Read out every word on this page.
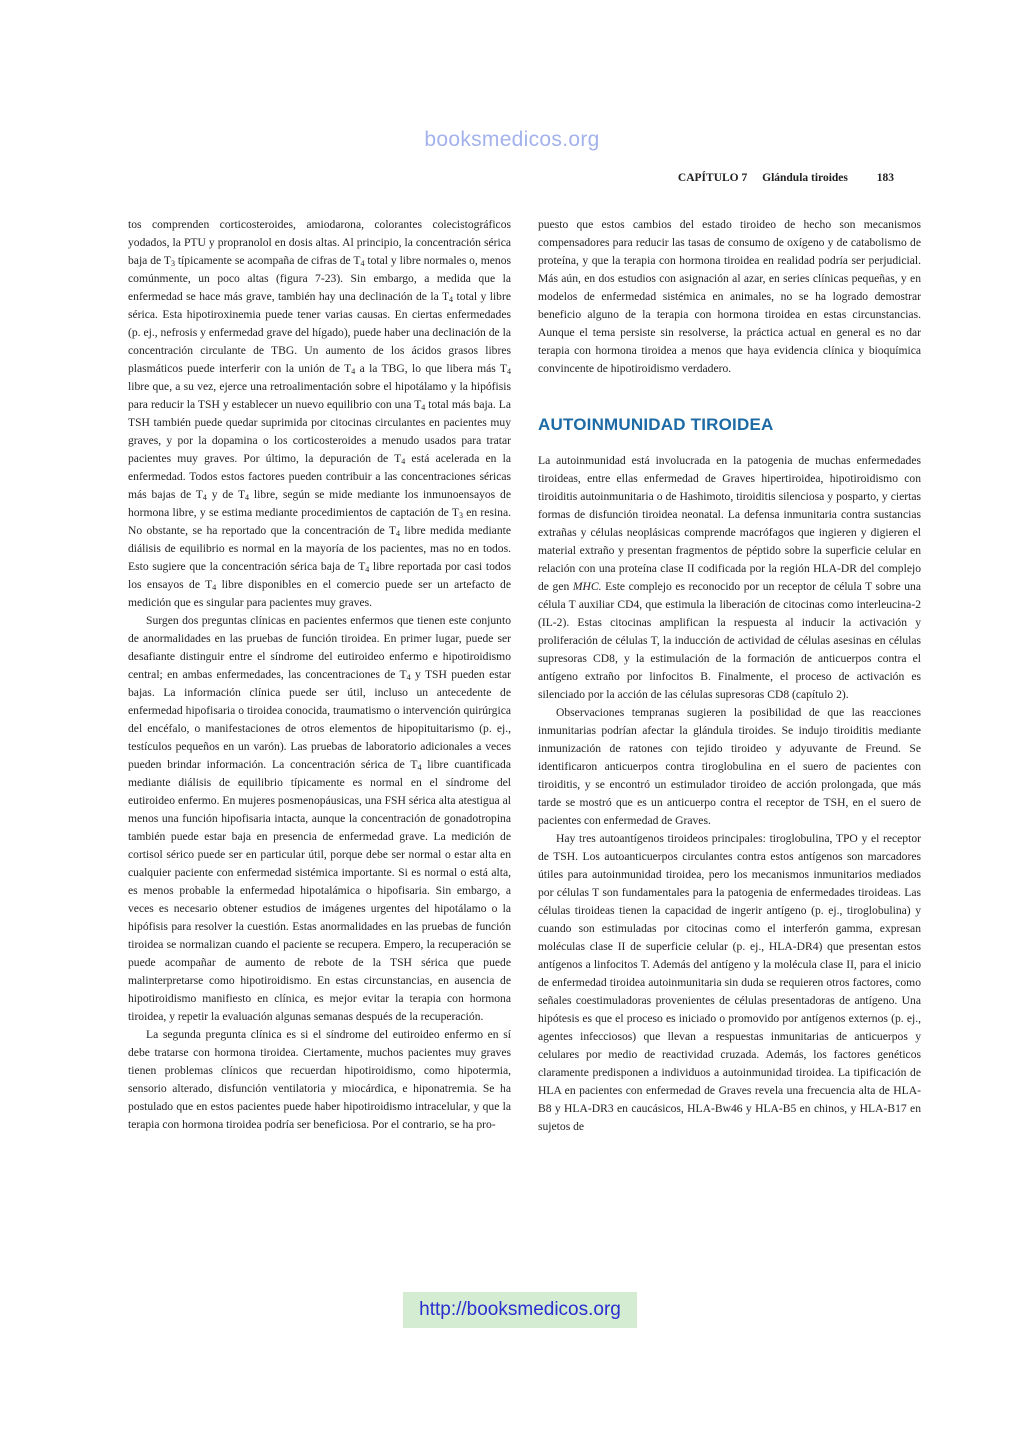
booksmedicos.org
CAPÍTULO 7 Glándula tiroides	183

tos comprenden corticosteroides, amiodarona, colorantes colecistográficos yodados, la PTU y propranolol en dosis altas. Al principio, la concentración sérica baja de $T_3$ típicamente se acompaña de cifras de $T_4$ total y libre normales o, menos comúnmente, un poco altas (figura 7-23). Sin embargo, a medida que la enfermedad se hace más grave, también hay una declinación de la $T_4$ total y libre sérica. Esta hipotiroxinemia puede tener varias causas. En ciertas enfermedades (p. ej., nefrosis y enfermedad grave del hígado), puede haber una declinación de la concentración circulante de TBG. Un aumento de los ácidos grasos libres plasmáticos puede interferir con la unión de $T_4$ a la TBG, lo que libera más $T_4$ libre que, a su vez, ejerce una retroalimentación sobre el hipotálamo y la hipófisis para reducir la TSH y establecer un nuevo equilibrio con una $T_4$ total más baja. La TSH también puede quedar suprimida por citocinas circulantes en pacientes muy graves, y por la dopamina o los corticosteroides a menudo usados para tratar pacientes muy graves. Por último, la depuración de $T_4$ está acelerada en la enfermedad. Todos estos factores pueden contribuir a las concentraciones séricas más bajas de $T_4$ y de $T_4$ libre, según se mide mediante los inmunoensayos de hormona libre, y se estima mediante procedimientos de captación de $T_3$ en resina. No obstante, se ha reportado que la concentración de $T_4$ libre medida mediante diálisis de equilibrio es normal en la mayoría de los pacientes, mas no en todos. Esto sugiere que la concentración sérica baja de $T_4$ libre reportada por casi todos los ensayos de $T_4$ libre disponibles en el comercio puede ser un artefacto de medición que es singular para pacientes muy graves.

Surgen dos preguntas clínicas en pacientes enfermos que tienen este conjunto de anormalidades en las pruebas de función tiroidea. En primer lugar, puede ser desafiante distinguir entre el síndrome del eutiroideo enfermo e hipotiroidismo central; en ambas enfermedades, las concentraciones de $T_4$ y TSH pueden estar bajas. La información clínica puede ser útil, incluso un antecedente de enfermedad hipofisaria o tiroidea conocida, traumatismo o intervención quirúrgica del encéfalo, o manifestaciones de otros elementos de hipopituitarismo (p. ej., testículos pequeños en un varón). Las pruebas de laboratorio adicionales a veces pueden brindar información. La concentración sérica de $T_4$ libre cuantificada mediante diálisis de equilibrio típicamente es normal en el síndrome del eutiroideo enfermo. En mujeres posmenopáusicas, una FSH sérica alta atestigua al menos una función hipofisaria intacta, aunque la concentración de gonadotropina también puede estar baja en presencia de enfermedad grave. La medición de cortisol sérico puede ser en particular útil, porque debe ser normal o estar alta en cualquier paciente con enfermedad sistémica importante. Si es normal o está alta, es menos probable la enfermedad hipotalámica o hipofisaria. Sin embargo, a veces es necesario obtener estudios de imágenes urgentes del hipotálamo o la hipófisis para resolver la cuestión. Estas anormalidades en las pruebas de función tiroidea se normalizan cuando el paciente se recupera. Empero, la recuperación se puede acompañar de aumento de rebote de la TSH sérica que puede malinterpretarse como hipotiroidismo. En estas circunstancias, en ausencia de hipotiroidismo manifiesto en clínica, es mejor evitar la terapia con hormona tiroidea, y repetir la evaluación algunas semanas después de la recuperación.

La segunda pregunta clínica es si el síndrome del eutiroideo enfermo en sí debe tratarse con hormona tiroidea. Ciertamente, muchos pacientes muy graves tienen problemas clínicos que recuerdan hipotiroidismo, como hipotermia, sensorio alterado, disfunción ventilatoria y miocárdica, e hiponatremia. Se ha postulado que en estos pacientes puede haber hipotiroidismo intracelular, y que la terapia con hormona tiroidea podría ser beneficiosa. Por el contrario, se ha pro-

puesto que estos cambios del estado tiroideo de hecho son mecanismos compensadores para reducir las tasas de consumo de oxígeno y de catabolismo de proteína, y que la terapia con hormona tiroidea en realidad podría ser perjudicial. Más aún, en dos estudios con asignación al azar, en series clínicas pequeñas, y en modelos de enfermedad sistémica en animales, no se ha logrado demostrar beneficio alguno de la terapia con hormona tiroidea en estas circunstancias. Aunque el tema persiste sin resolverse, la práctica actual en general es no dar terapia con hormona tiroidea a menos que haya evidencia clínica y bioquímica convincente de hipotiroidismo verdadero.

AUTOINMUNIDAD TIROIDEA

La autoinmunidad está involucrada en la patogenia de muchas enfermedades tiroideas, entre ellas enfermedad de Graves hipertiroidea, hipotiroidismo con tiroiditis autoinmunitaria o de Hashimoto, tiroiditis silenciosa y posparto, y ciertas formas de disfunción tiroidea neonatal. La defensa inmunitaria contra sustancias extrañas y células neoplásicas comprende macrófagos que ingieren y digieren el material extraño y presentan fragmentos de péptido sobre la superficie celular en relación con una proteína clase II codificada por la región HLA-DR del complejo de gen MHC. Este complejo es reconocido por un receptor de célula T sobre una célula T auxiliar CD4, que estimula la liberación de citocinas como interleucina-2 (IL-2). Estas citocinas amplifican la respuesta al inducir la activación y proliferación de células T, la inducción de actividad de células asesinas en células supresoras CD8, y la estimulación de la formación de anticuerpos contra el antígeno extraño por linfocitos B. Finalmente, el proceso de activación es silenciado por la acción de las células supresoras CD8 (capítulo 2).

Observaciones tempranas sugieren la posibilidad de que las reacciones inmunitarias podrían afectar la glándula tiroides. Se indujo tiroiditis mediante inmunización de ratones con tejido tiroideo y adyuvante de Freund. Se identificaron anticuerpos contra tiroglobulina en el suero de pacientes con tiroiditis, y se encontró un estimulador tiroideo de acción prolongada, que más tarde se mostró que es un anticuerpo contra el receptor de TSH, en el suero de pacientes con enfermedad de Graves.

Hay tres autoantígenos tiroideos principales: tiroglobulina, TPO y el receptor de TSH. Los autoanticuerpos circulantes contra estos antígenos son marcadores útiles para autoinmunidad tiroidea, pero los mecanismos inmunitarios mediados por células T son fundamentales para la patogenia de enfermedades tiroideas. Las células tiroideas tienen la capacidad de ingerir antígeno (p. ej., tiroglobulina) y cuando son estimuladas por citocinas como el interferón gamma, expresan moléculas clase II de superficie celular (p. ej., HLA-DR4) que presentan estos antígenos a linfocitos T. Además del antígeno y la molécula clase II, para el inicio de enfermedad tiroidea autoinmunitaria sin duda se requieren otros factores, como señales coestimuladoras provenientes de células presentadoras de antígeno. Una hipótesis es que el proceso es iniciado o promovido por antígenos externos (p. ej., agentes infecciosos) que llevan a respuestas inmunitarias de anticuerpos y celulares por medio de reactividad cruzada. Además, los factores genéticos claramente predisponen a individuos a autoinmunidad tiroidea. La tipificación de HLA en pacientes con enfermedad de Graves revela una frecuencia alta de HLA-B8 y HLA-DR3 en caucásicos, HLA-Bw46 y HLA-B5 en chinos, y HLA-B17 en sujetos de

http://booksmedicos.org
